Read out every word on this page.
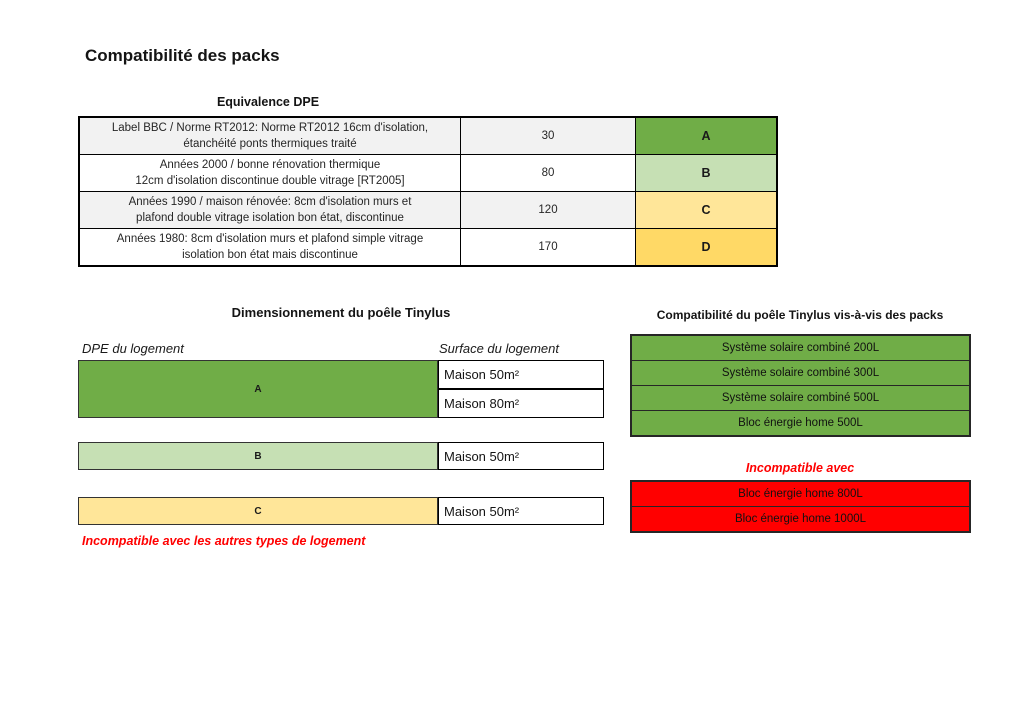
Compatibilité des packs
Equivalence DPE
Label BBC / Norme RT2012: Norme RT2012 16cm d'isolation,
étanchéité ponts thermiques traité	30	A

Années 2000 / bonne rénovation thermique
12cm d'isolation discontinue double vitrage [RT2005]	80	B

Années 1990 / maison rénovée: 8cm d'isolation murs et
plafond double vitrage isolation bon état, discontinue	120	C

Années 1980: 8cm d'isolation murs et plafond simple vitrage
isolation bon état mais discontinue	170	D
Dimensionnement du poêle Tinylus
DPE du logement	Surface du logement
A
Maison 50m²
Maison 80m²
B	Maison 50m²
C	Maison 50m²
Incompatible avec les autres types de logement
Compatibilité du poêle Tinylus vis-à-vis des packs
Système solaire combiné 200L
Système solaire combiné 300L
Système solaire combiné 500L
Bloc énergie home 500L
Incompatible avec
Bloc énergie home 800L
Bloc énergie home 1000L
